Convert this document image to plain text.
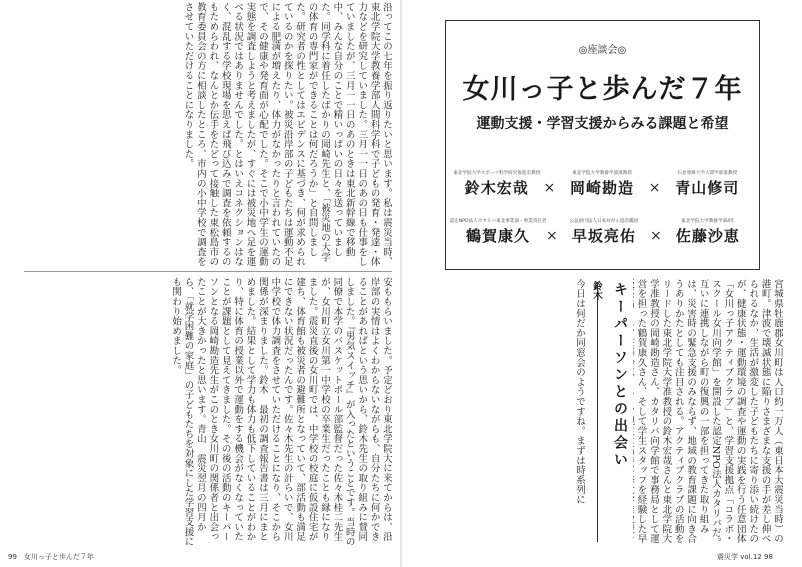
沿ってこの七年を振り返りたいと思います。私は震災当時、東北学院大学教養学部人間科学科で子どもの発育・発達・体力などを研究していました。三月一一日のあの日も仕事をしていましたが、三月一一日のあのときは東北新幹線で移動中、みんな自分のことで精いっぱいの日々を送っていました。同学科に着任したばかりの岡崎先生と、「被災地の大学の体育の専門家ができることは何だろうか」と自問しました。研究者の性としてはエビデンスに基づき、何が求められているのかを探りたい。被災沿岸部の子どもたちは運動不足による肥満が増えたり、体力がなかったりと言われていたので、その健康や発育面が心配でした。そこで小中学生の運動実態を調査しようと考えましたが、すぐには被災地へ足を運べる状況ではありませんでした。とはいえコネクションはなく、混乱する学校現場を思えば飛び込みで調査を依頼するのもためらわれ、なんとか伝手をたどって接触した東松島市の教育委員会の方に相談したところ、市内の小中学校で調査をさせていただけることになりました。
安ももらいました。予定どおり東北学院大に来てからは、沿岸部の実情はよくわからないながらも、自分たちに何かできることがあればという思いから、鈴木先生の取り組みに賛同しました。『男気スイッチ』が入ったということです。当時の同僚で本学のバスケットボール部監督だった佐々木桂二先生が、女川町立女川第一中学校の卒業生だったことも縁になりました。震災直後の女川町では、中学校の校庭に仮設住宅が建ち、体育館も被災者の避難所となっていて、部活動も満足にできない状況だったんです。佐々木先生の計らいで、女川中学校で体力調査をさせていただけることになり、そこから関係が深まりました。鈴木　最初の調査報告書は三月にまとめました。結果として学力も体力も低下していることがわかり、特に体育の授業以外で運動をする機会がなくなっていたことが課題として見えてきました。その後の活動のキーパーソンとなる岡崎勘造先生がこのとき女川町の関係者と出会ったことが大きかったと思います。青山　震災翌月の四月から、「就学困難の家庭」の子どもたちを対象にした学習支援にも関わり始めました。
99　女川っ子と歩んだ７年
◎座談会◎
女川っ子と歩んだ７年
運動支援・学習支援からみる課題と希望
東北学院大学スポーツ科学研究推進室教授
鈴木宏哉 ×
東北学院大学教養学部准教授
岡崎勘造 ×
石巻専修大学人間学部准教授
青山修司
認定NPO法人カタリバ東北事業部・事業責任者
鶴賀康久 ×
公益財団法人日本対がん協会職員
早坂亮佑 ×
東北学院大学教養学部4年
佐藤沙恵
宮城県牡鹿郡女川町は人口約一万人（東日本大震災当時）の港町。津波で壊滅状態に陥りさまざまな支援の手が差し伸べられるなか、生活が激変した子どもたちに寄り添い続けたのが、健康状態・運動環境の調査や運動の実践を行う任意団体「女川っ子アクティブクラブ」と、学習支援拠点「コラボ・スクール女川向学館」を開設した認定NPO法人カタリバだ。互いに連携しながら町の復興の一部を担ってきた取り組みは、災害時の緊急支援のみならず、地域の教育課題に向き合うありかたとしても注目される。アクティブクラブの活動をリードした東北学院大学准教授の鈴木宏哉さんと東北学院大学准教授の岡崎勘造さん、カタリバ向学館で事務局として運営を担った鶴賀康久さん、そして学生スタッフを経験した早
キーパーソンとの出会い
鈴木
今日は何だか同窓会のようですね。まずは時系列に
震災学 vol.12 98
